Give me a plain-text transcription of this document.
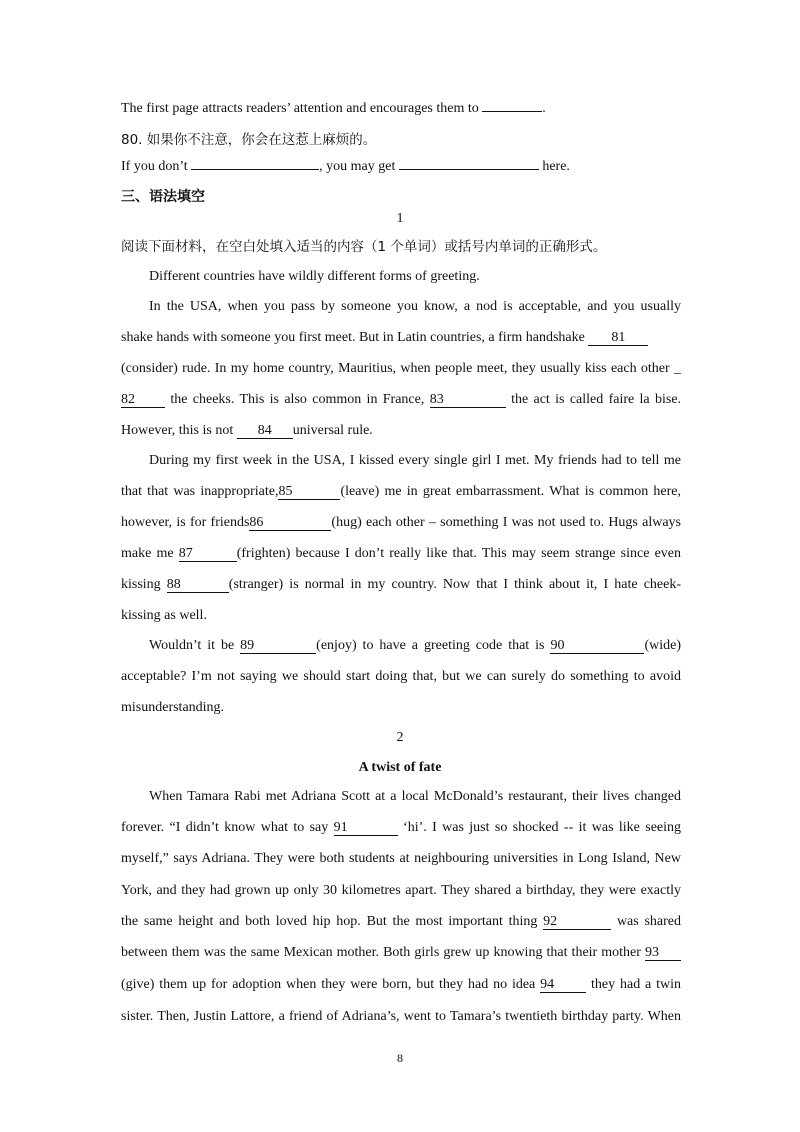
The first page attracts readers’ attention and encourages them to	.
80. 如果你不注意，你会在这惹上麻烦的。
If you don’t	, you may get	here.
三、语法填空
1
阅读下面材料，在空白处填入适当的内容（1 个单词）或括号内单词的正确形式。
Different countries have wildly different forms of greeting.
In the USA, when you pass by someone you know, a nod is acceptable, and you usually
shake hands with someone you first meet. But in Latin countries, a firm handshake 81
(consider) rude. In my home country, Mauritius, when people meet, they usually kiss each other _
82	the cheeks. This is also common in France, 83	the act is called faire la bise.
However, this is not 84 universal rule.
During my first week in the USA, I kissed every single girl I met. My friends had to tell me
that that was inappropriate,85	(leave) me in great embarrassment. What is common here,
however, is for friends86	(hug) each other – something I was not used to. Hugs always
make me 87	(frighten) because I don’t really like that. This may seem strange since even
kissing 88	(stranger) is normal in my country. Now that I think about it, I hate cheek-
kissing as well.
Wouldn’t it be 89	(enjoy) to have a greeting code that is 90	(wide)
acceptable? I’m not saying we should start doing that, but we can surely do something to avoid
misunderstanding.
2
A twist of fate
When Tamara Rabi met Adriana Scott at a local McDonald’s restaurant, their lives changed
forever. “I didn’t know what to say 91	‘hi’. I was just so shocked -- it was like seeing
myself,” says Adriana. They were both students at neighbouring universities in Long Island, New
York, and they had grown up only 30 kilometres apart. They shared a birthday, they were exactly
the same height and both loved hip hop. But the most important thing 92	was shared
between them was the same Mexican mother. Both girls grew up knowing that their mother 93
(give) them up for adoption when they were born, but they had no idea 94	they had a twin
sister. Then, Justin Lattore, a friend of Adriana’s, went to Tamara’s twentieth birthday party. When
8
